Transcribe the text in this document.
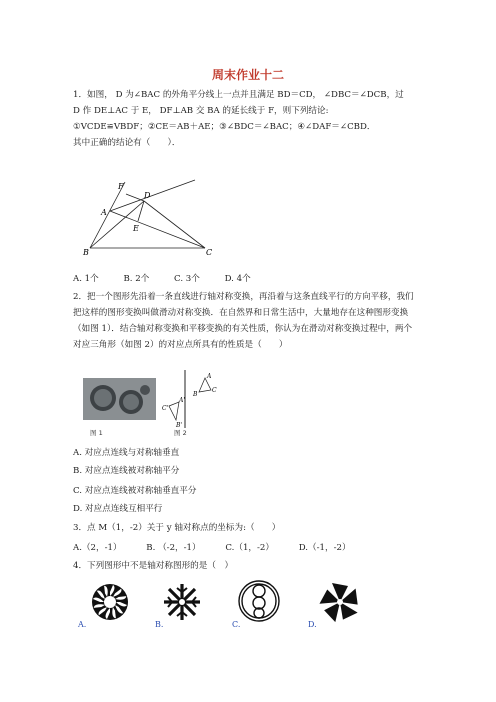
周末作业十二
1．如图， D 为∠BAC 的外角平分线上一点并且满足 BD＝CD， ∠DBC＝∠DCB，过
D 作 DE⊥AC 于 E， DF⊥AB 交 BA 的延长线于 F，则下列结论:
①VCDE≌VBDF；②CE＝AB＋AE；③∠BDC＝∠BAC；④∠DAF＝∠CBD．
其中正确的结论有（　　）．
F
D
A
E
B	C
A. 1个	B. 2个	C. 3个	D. 4个
2．把一个图形先沿着一条直线进行轴对称变换，再沿着与这条直线平行的方向平移，我们
把这样的图形变换叫做滑动对称变换．在自然界和日常生活中，大量地存在这种图形变换
（如图 1）．结合轴对称变换和平移变换的有关性质，你认为在滑动对称变换过程中，两个
对应三角形（如图 2）的对应点所具有的性质是（　　）
图 1
A
B
C
A'
B'
C'
图 2
A. 对应点连线与对称轴垂直
B. 对应点连线被对称轴平分
C. 对应点连线被对称轴垂直平分
D. 对应点连线互相平行
3．点 M（1，-2）关于 y 轴对称点的坐标为:（　　）
A.（2，-1）	B. （-2，-1）	C.（1，-2）	D.（-1，-2）
4．下列图形中不是轴对称图形的是（　）
A.	B.	C.	D.
